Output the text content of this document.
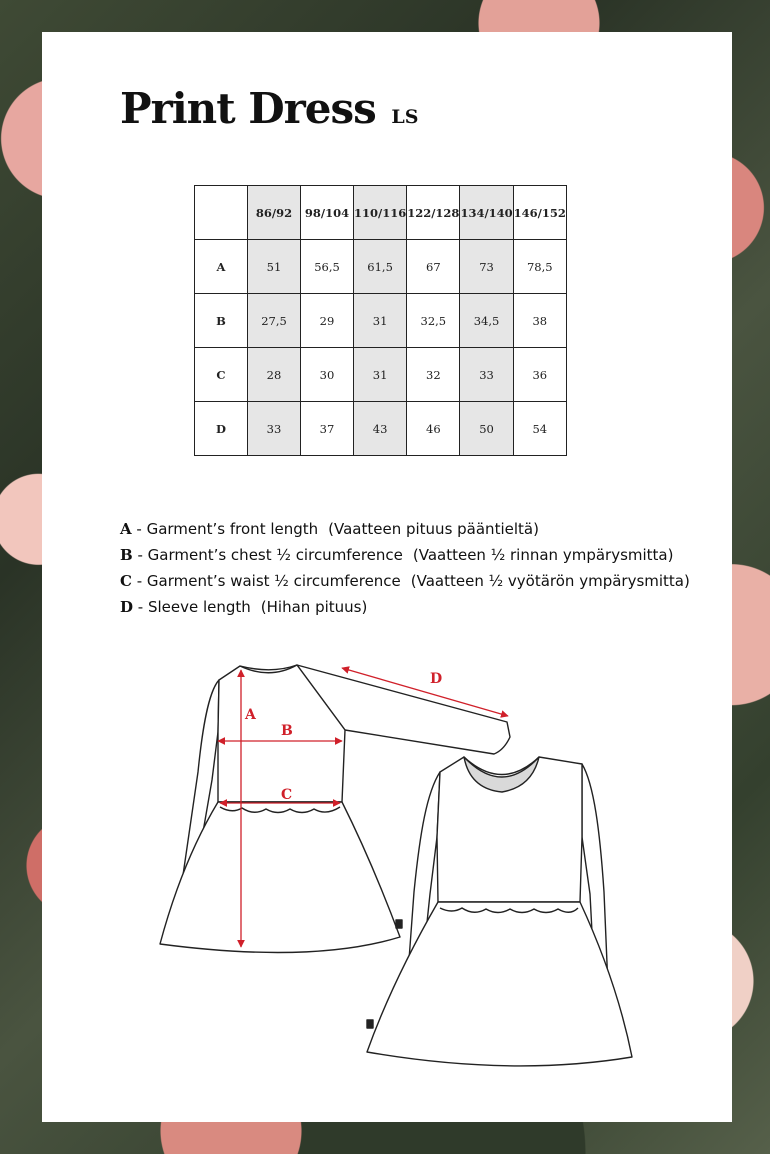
Print Dress LS
	86/92	98/104	110/116	122/128	134/140	146/152
A	51	56,5	61,5	67	73	78,5
B	27,5	29	31	32,5	34,5	38
C	28	30	31	32	33	36
D	33	37	43	46	50	54
A - Garment’s front length (Vaatteen pituus pääntieltä)
B - Garment’s chest ½ circumference (Vaatteen ½ rinnan ympärysmitta)
C - Garment’s waist ½ circumference (Vaatteen ½ vyötärön ympärysmitta)
D - Sleeve length (Hihan pituus)
A
B
C
D
